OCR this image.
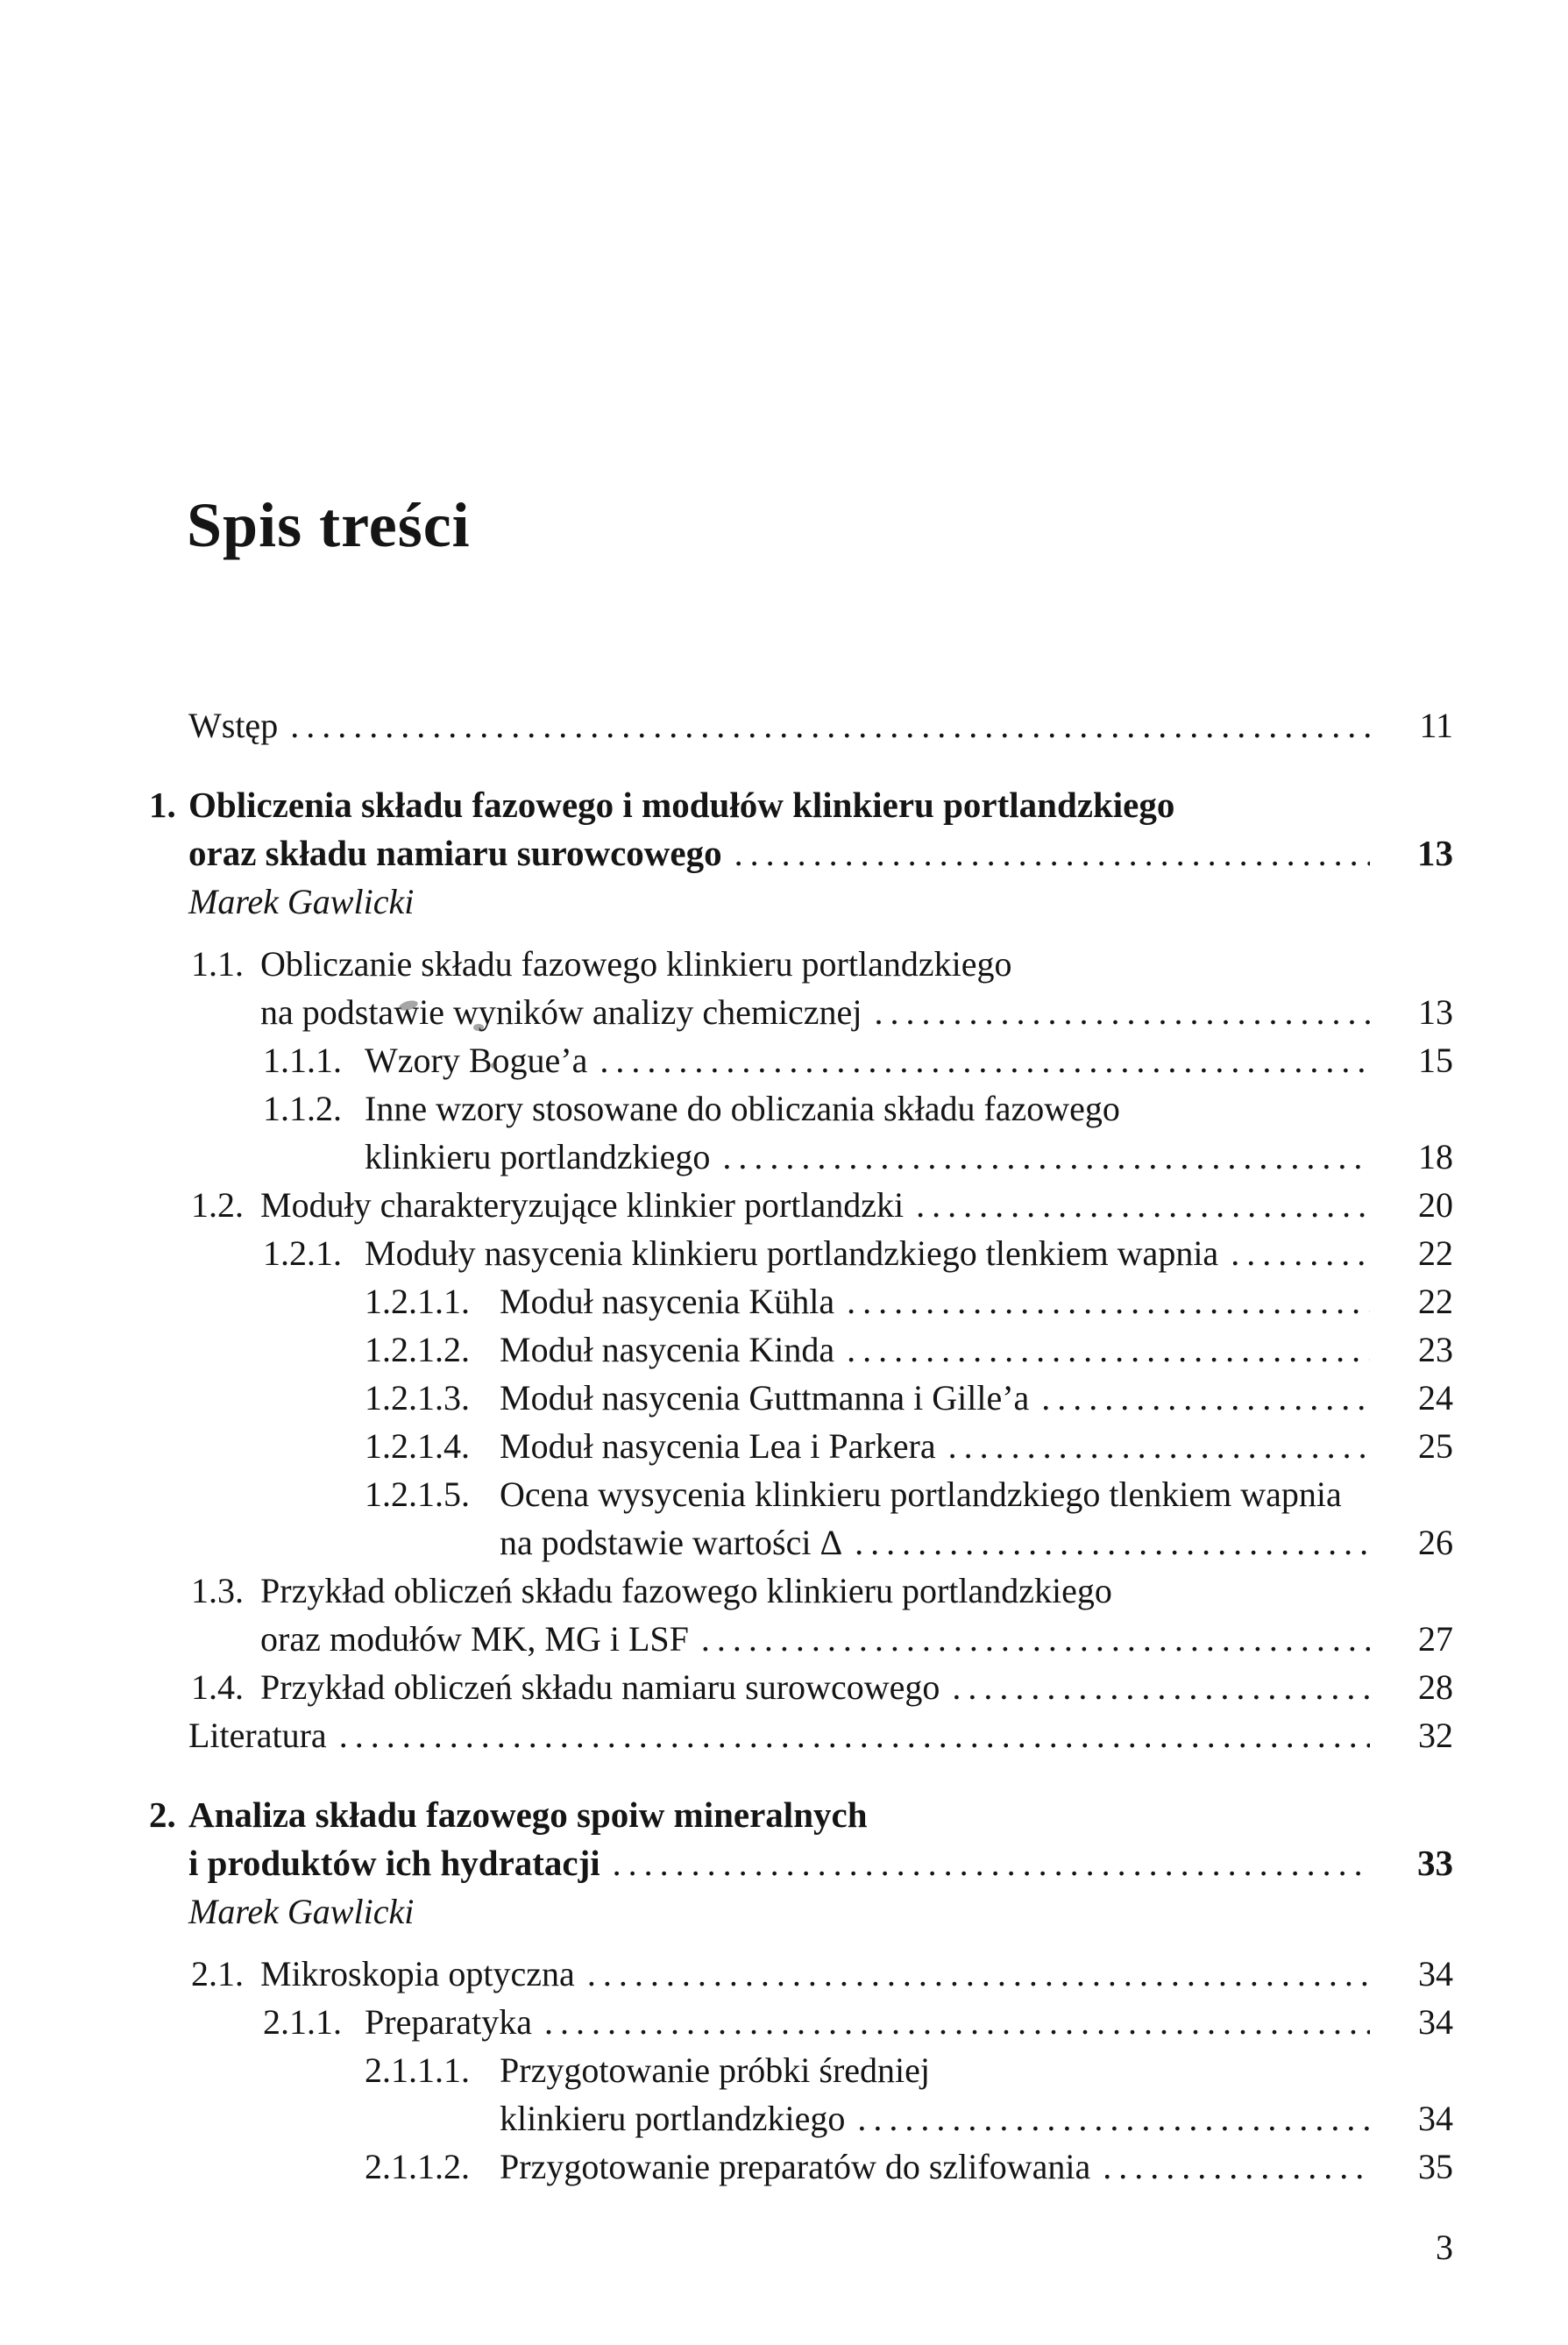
Spis treści
Wstęp .....	11
1. Obliczenia składu fazowego i modułów klinkieru portlandzkiego
oraz składu namiaru surowcowego .....	13
Marek Gawlicki
1.1. Obliczanie składu fazowego klinkieru portlandzkiego
na podstawie wyników analizy chemicznej .....	13
1.1.1. Wzory Bogue’a .....	15
1.1.2. Inne wzory stosowane do obliczania składu fazowego
klinkieru portlandzkiego .....	18
1.2. Moduły charakteryzujące klinkier portlandzki .....	20
1.2.1. Moduły nasycenia klinkieru portlandzkiego tlenkiem wapnia .....	22
1.2.1.1. Moduł nasycenia Kühla .....	22
1.2.1.2. Moduł nasycenia Kinda .....	23
1.2.1.3. Moduł nasycenia Guttmanna i Gille’a .....	24
1.2.1.4. Moduł nasycenia Lea i Parkera .....	25
1.2.1.5. Ocena wysycenia klinkieru portlandzkiego tlenkiem wapnia
na podstawie wartości Δ .....	26
1.3. Przykład obliczeń składu fazowego klinkieru portlandzkiego
oraz modułów MK, MG i LSF .....	27
1.4. Przykład obliczeń składu namiaru surowcowego .....	28
Literatura .....	32
2. Analiza składu fazowego spoiw mineralnych
i produktów ich hydratacji .....	33
Marek Gawlicki
2.1. Mikroskopia optyczna .....	34
2.1.1. Preparatyka .....	34
2.1.1.1. Przygotowanie próbki średniej
klinkieru portlandzkiego .....	34
2.1.1.2. Przygotowanie preparatów do szlifowania .....	35
3
